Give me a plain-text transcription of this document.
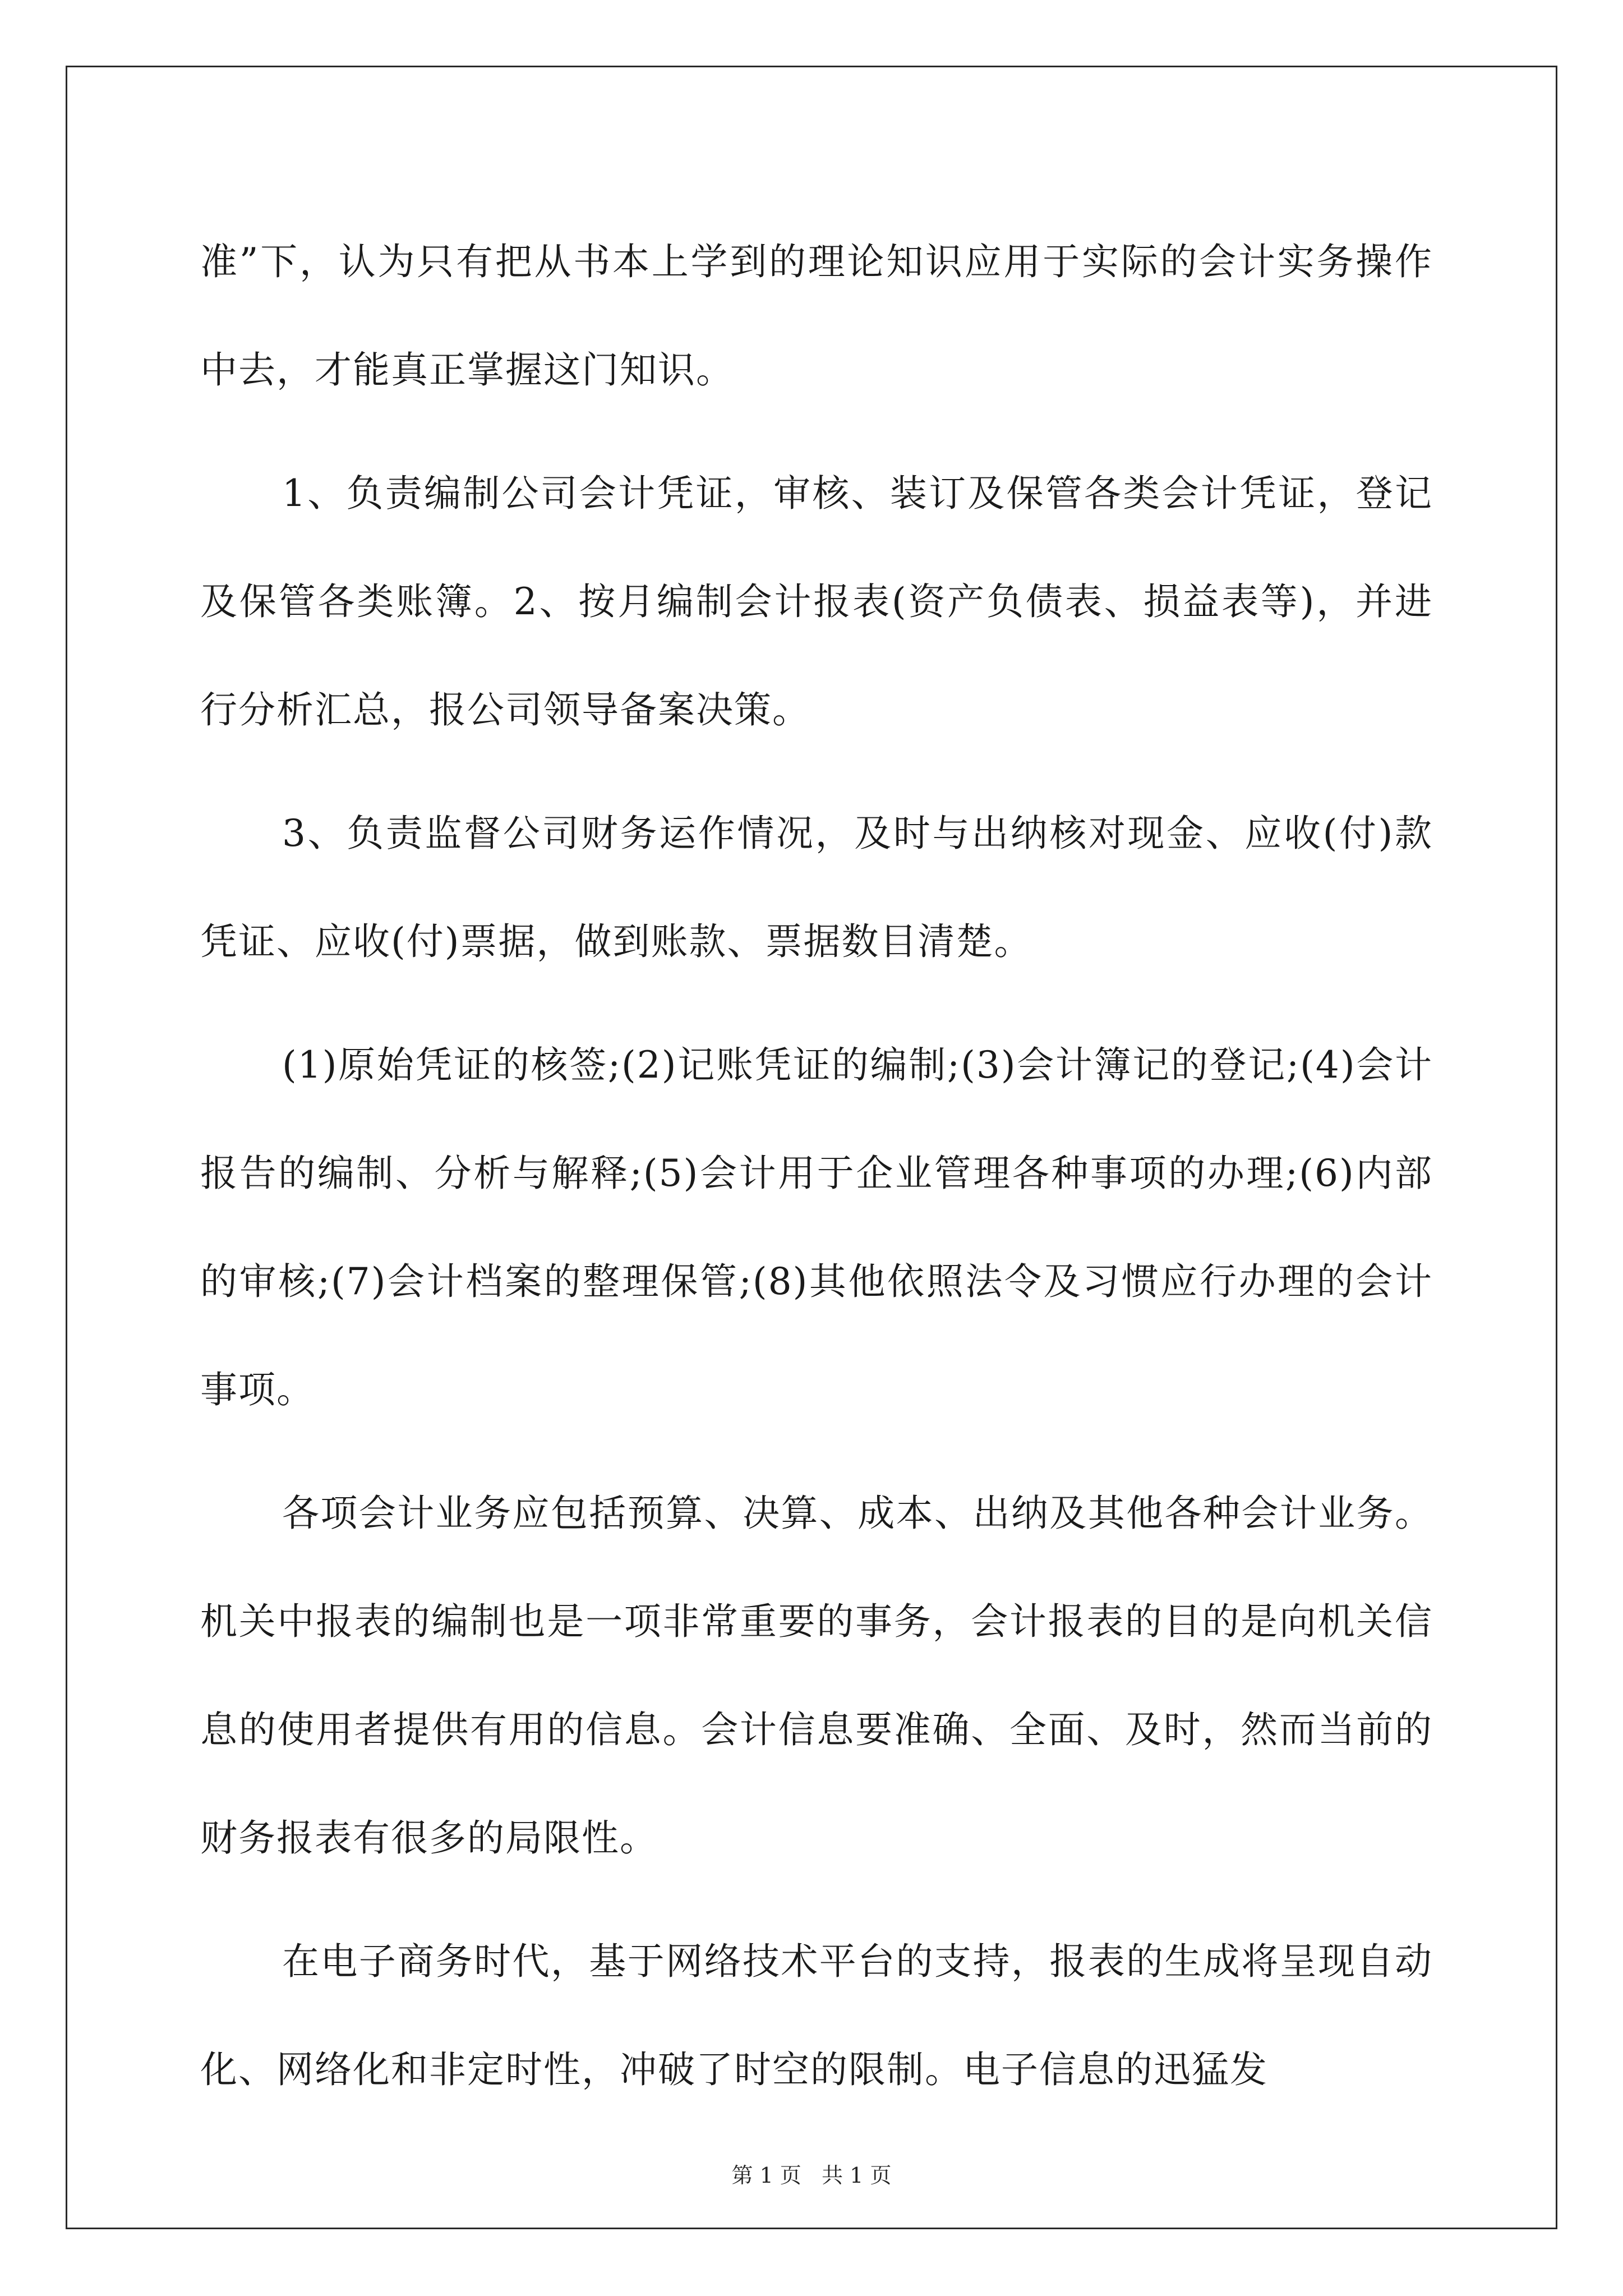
准”下，认为只有把从书本上学到的理论知识应用于实际的会计实务操作中去，才能真正掌握这门知识。

1、负责编制公司会计凭证，审核、装订及保管各类会计凭证，登记及保管各类账簿。2、按月编制会计报表(资产负债表、损益表等)，并进行分析汇总，报公司领导备案决策。

3、负责监督公司财务运作情况，及时与出纳核对现金、应收(付)款凭证、应收(付)票据，做到账款、票据数目清楚。

(1)原始凭证的核签;(2)记账凭证的编制;(3)会计簿记的登记;(4)会计报告的编制、分析与解释;(5)会计用于企业管理各种事项的办理;(6)内部的审核;(7)会计档案的整理保管;(8)其他依照法令及习惯应行办理的会计事项。

各项会计业务应包括预算、决算、成本、出纳及其他各种会计业务。机关中报表的编制也是一项非常重要的事务，会计报表的目的是向机关信息的使用者提供有用的信息。会计信息要准确、全面、及时，然而当前的财务报表有很多的局限性。

在电子商务时代，基于网络技术平台的支持，报表的生成将呈现自动化、网络化和非定时性，冲破了时空的限制。电子信息的迅猛发

第 1 页   共 1 页
